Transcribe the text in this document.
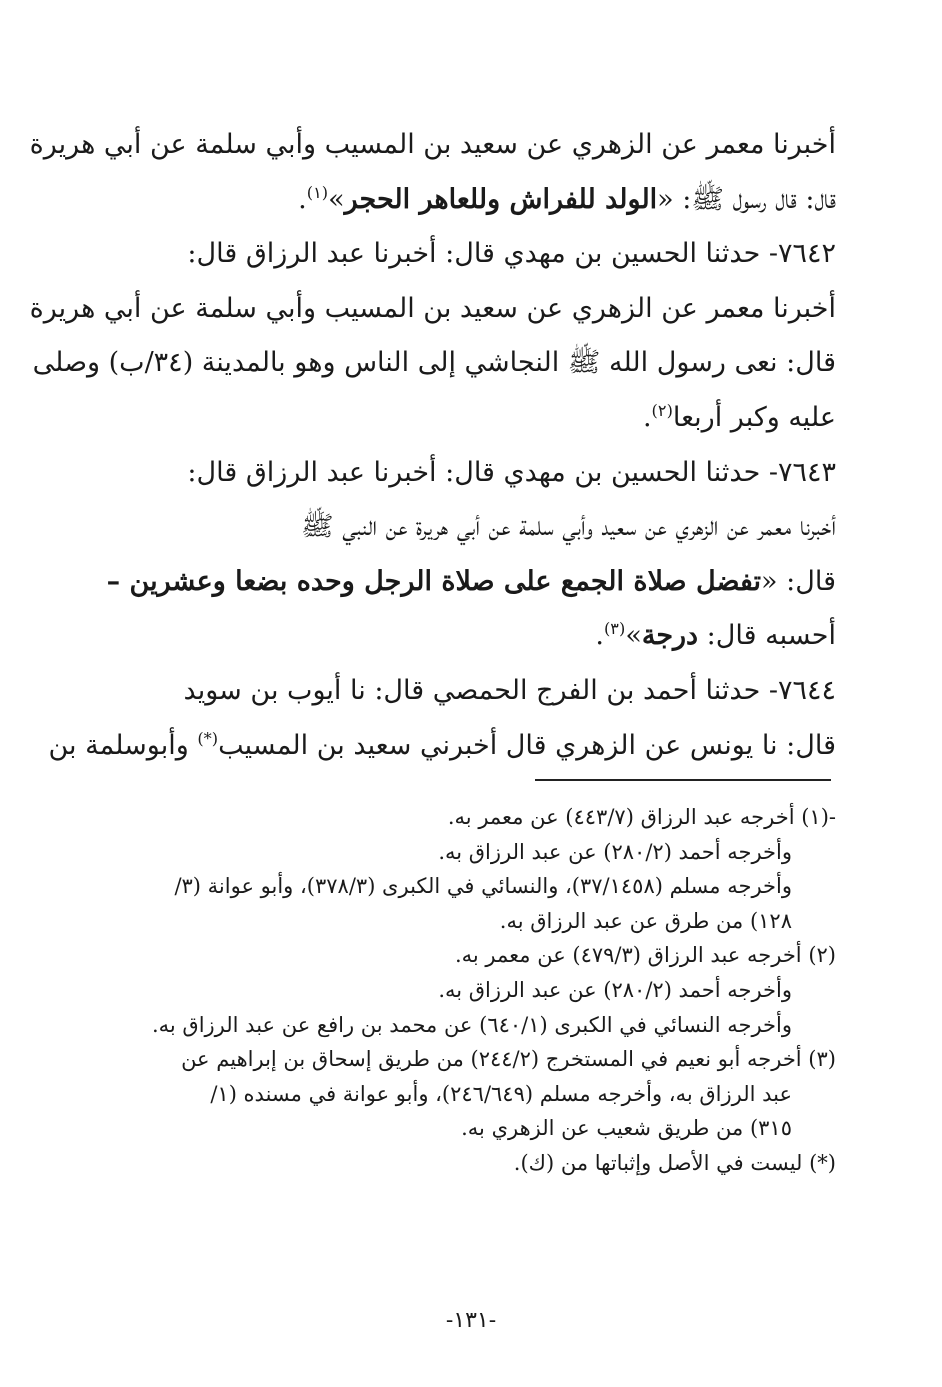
أخبرنا معمر عن الزهري عن سعيد بن المسيب وأبي سلمة عن أبي هريرة
قال: قال رسول ﷺ: «الولد للفراش وللعاهر الحجر»$^{(١)}$.
٧٦٤٢- حدثنا الحسين بن مهدي قال: أخبرنا عبد الرزاق قال:
أخبرنا معمر عن الزهري عن سعيد بن المسيب وأبي سلمة عن أبي هريرة
قال: نعى رسول الله ﷺ النجاشي إلى الناس وهو بالمدينة (٣٤/ب) وصلى
عليه وكبر أربعا$^{(٢)}$.
٧٦٤٣- حدثنا الحسين بن مهدي قال: أخبرنا عبد الرزاق قال:
أخبرنا معمر عن الزهري عن سعيد وأبي سلمة عن أبي هريرة عن النبي ﷺ
قال: «تفضل صلاة الجمع على صلاة الرجل وحده بضعا وعشرين –
أحسبه قال: درجة»$^{(٣)}$.
٧٦٤٤- حدثنا أحمد بن الفرج الحمصي قال: نا أيوب بن سويد
قال: نا يونس عن الزهري قال أخبرني سعيد بن المسيب(*) وأبوسلمة بن
-(١) أخرجه عبد الرزاق (٤٤٣/٧) عن معمر به.
وأخرجه أحمد (٢٨٠/٢) عن عبد الرزاق به.
وأخرجه مسلم (٣٧/١٤٥٨)، والنسائي في الكبرى (٣٧٨/٣)، وأبو عوانة (٣/
١٢٨) من طرق عن عبد الرزاق به.
(٢) أخرجه عبد الرزاق (٤٧٩/٣) عن معمر به.
وأخرجه أحمد (٢٨٠/٢) عن عبد الرزاق به.
وأخرجه النسائي في الكبرى (٦٤٠/١) عن محمد بن رافع عن عبد الرزاق به.
(٣) أخرجه أبو نعيم في المستخرج (٢٤٤/٢) من طريق إسحاق بن إبراهيم عن
عبد الرزاق به، وأخرجه مسلم (٢٤٦/٦٤٩)، وأبو عوانة في مسنده (١/
٣١٥) من طريق شعيب عن الزهري به.
(*) ليست في الأصل وإثباتها من (ك).
-١٣١-
